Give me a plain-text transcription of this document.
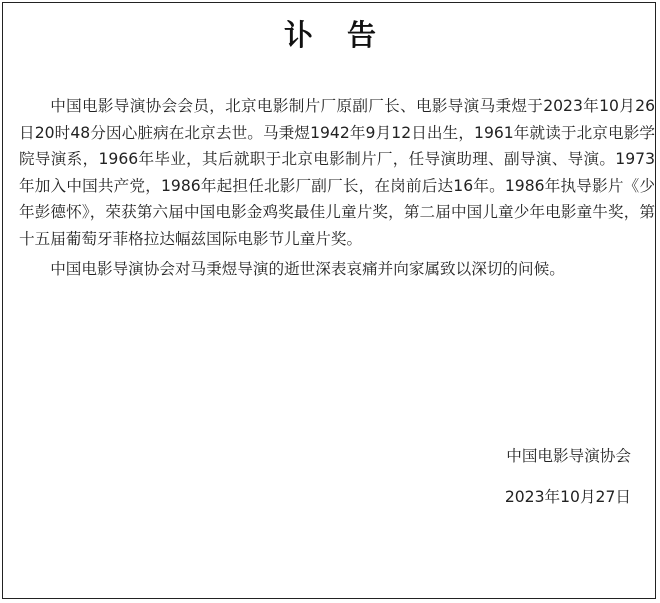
讣 告

中国电影导演协会会员，北京电影制片厂原副厂长、电影导演马秉煜于2023年10月26日20时48分因心脏病在北京去世。马秉煜1942年9月12日出生，1961年就读于北京电影学院导演系，1966年毕业，其后就职于北京电影制片厂，任导演助理、副导演、导演。1973年加入中国共产党，1986年起担任北影厂副厂长，在岗前后达16年。1986年执导影片《少年彭德怀》，荣获第六届中国电影金鸡奖最佳儿童片奖，第二届中国儿童少年电影童牛奖，第十五届葡萄牙菲格拉达幅兹国际电影节儿童片奖。

中国电影导演协会对马秉煜导演的逝世深表哀痛并向家属致以深切的问候。

中国电影导演协会
2023年10月27日
